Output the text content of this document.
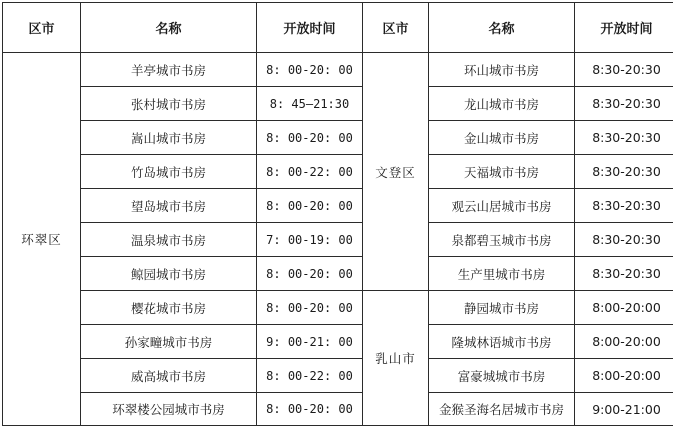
区市	名称	开放时间	区市	名称	开放时间
环翠区	羊亭城市书房	8: 00-20: 00	文登区	环山城市书房	8:30-20:30
	张村城市书房	8: 45—21:30		龙山城市书房	8:30-20:30
	嵩山城市书房	8: 00-20: 00		金山城市书房	8:30-20:30
	竹岛城市书房	8: 00-22: 00		天福城市书房	8:30-20:30
	望岛城市书房	8: 00-20: 00		观云山居城市书房	8:30-20:30
	温泉城市书房	7: 00-19: 00		泉都碧玉城市书房	8:30-20:30
	鲸园城市书房	8: 00-20: 00		生产里城市书房	8:30-20:30
	樱花城市书房	8: 00-20: 00	乳山市	静园城市书房	8:00-20:00
	孙家疃城市书房	9: 00-21: 00		隆城林语城市书房	8:00-20:00
	威高城市书房	8: 00-22: 00		富豪城城市书房	8:00-20:00
	环翠楼公园城市书房	8: 00-20: 00		金猴圣海名居城市书房	9:00-21:00
